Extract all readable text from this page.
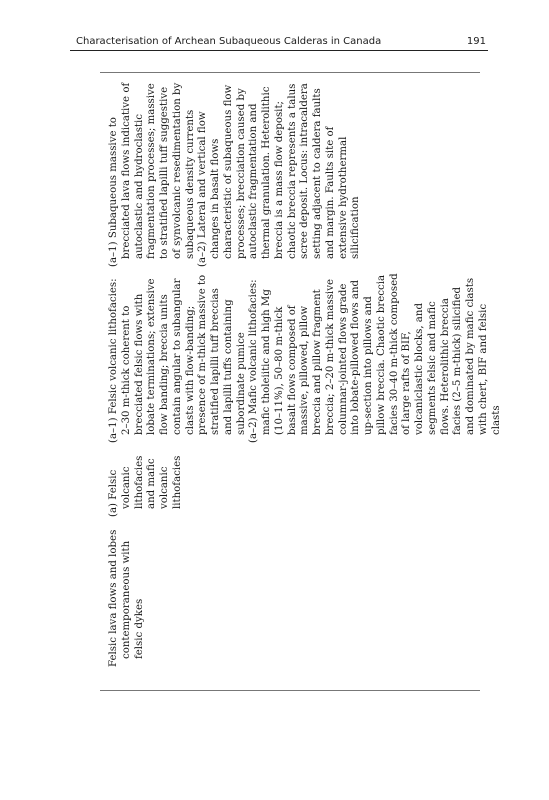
Characterisation of Archean Subaqueous Calderas in Canada	191

Felsic lava flows and lobes contemporaneous with felsic dykes

(a) Felsic volcanic lithofacies and mafic volcanic lithofacies

(a–1) Felsic volcanic lithofacies: 2–30 m-thick coherent to brecciated felsic flows with lobate terminations; extensive flow banding; breccia units contain angular to subangular clasts with flow-banding; presence of m-thick massive to stratified lapilli tuff breccias and lapilli tuffs containing subordinate pumice (a–2) Mafic volcanic lithofacies: mafic tholeiitic and high Mg (10–11%), 50–80 m-thick basalt flows composed of massive, pillowed, pillow breccia and pillow fragment breccia; 2–20 m-thick massive columnar-jointed flows grade into lobate-pillowed flows and up-section into pillows and pillow breccia. Chaotic breccia facies 30–40 m-thick composed of large rafts of BIF, volcaniclastic blocks, and segments felsic and mafic flows. Heterolithic breccia facies (2–5 m-thick) silicified and dominated by mafic clasts with chert, BIF and felsic clasts

(a–1) Subaqueous massive to brecciated lava flows indicative of autoclastic and hydroclastic fragmentation processes; massive to stratified lapilli tuff suggestive of synvolcanic resedimentation by subaqueous density currents (a–2) Lateral and vertical flow changes in basalt flows characteristic of subaqueous flow processes; brecciation caused by autoclastic fragmentation and thermal granulation. Heterolithic breccia is a mass flow deposit; chaotic breccia represents a talus scree deposit. Locus: intracaldera setting adjacent to caldera faults and margin. Faults site of extensive hydrothermal silicification
